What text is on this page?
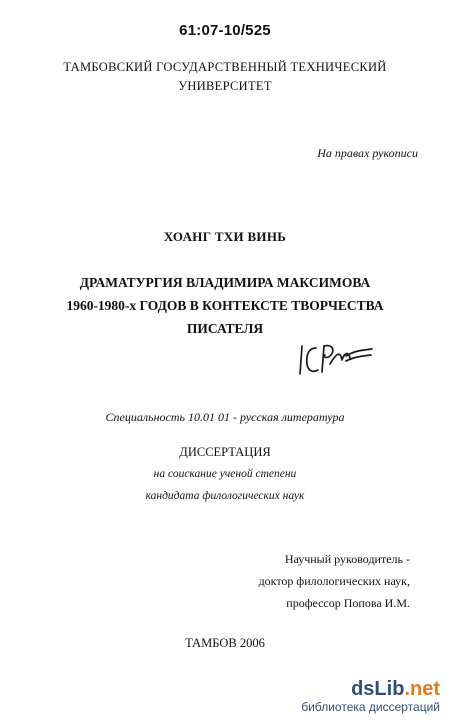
61:07-10/525
ТАМБОВСКИЙ ГОСУДАРСТВЕННЫЙ ТЕХНИЧЕСКИЙ
УНИВЕРСИТЕТ
На правах рукописи
ХОАНГ ТХИ ВИНЬ
ДРАМАТУРГИЯ ВЛАДИМИРА МАКСИМОВА
1960-1980-х ГОДОВ В КОНТЕКСТЕ ТВОРЧЕСТВА
ПИСАТЕЛЯ
Специальность 10.01 01 - русская литература
ДИССЕРТАЦИЯ
на соискание ученой степени
кандидата филологических наук
Научный руководитель -
доктор филологических наук,
профессор Попова И.М.
ТАМБОВ 2006
dsLib.net
библиотека диссертаций
